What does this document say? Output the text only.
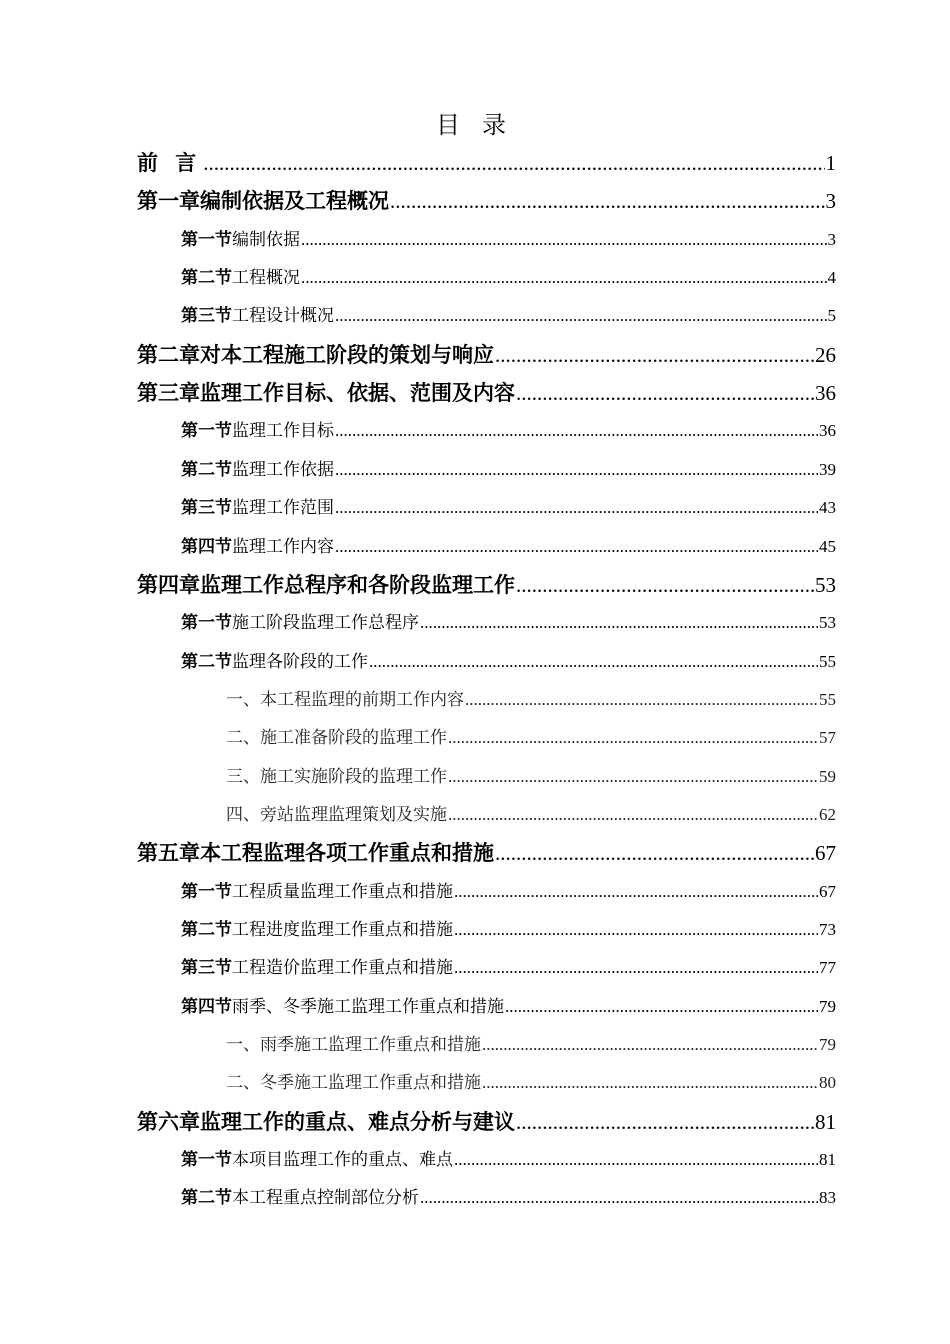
目 录
前 言 .....	1
第一章 编制依据及工程概况 .....	3
第一节 编制依据 .....	3
第二节 工程概况 .....	4
第三节 工程设计概况 .....	5
第二章 对本工程施工阶段的策划与响应 .....	26
第三章 监理工作目标、依据、范围及内容 .....	36
第一节 监理工作目标 .....	36
第二节 监理工作依据 .....	39
第三节 监理工作范围 .....	43
第四节 监理工作内容 .....	45
第四章 监理工作总程序和各阶段监理工作 .....	53
第一节 施工阶段监理工作总程序 .....	53
第二节 监理各阶段的工作 .....	55
一、本工程监理的前期工作内容 .....	55
二、施工准备阶段的监理工作 .....	57
三、施工实施阶段的监理工作 .....	59
四、旁站监理监理策划及实施 .....	62
第五章 本工程监理各项工作重点和措施 .....	67
第一节 工程质量监理工作重点和措施 .....	67
第二节 工程进度监理工作重点和措施 .....	73
第三节 工程造价监理工作重点和措施 .....	77
第四节 雨季、冬季施工监理工作重点和措施 .....	79
一、雨季施工监理工作重点和措施 .....	79
二、冬季施工监理工作重点和措施 .....	80
第六章 监理工作的重点、难点分析与建议 .....	81
第一节 本项目监理工作的重点、难点 .....	81
第二节 本工程重点控制部位分析 .....	83
